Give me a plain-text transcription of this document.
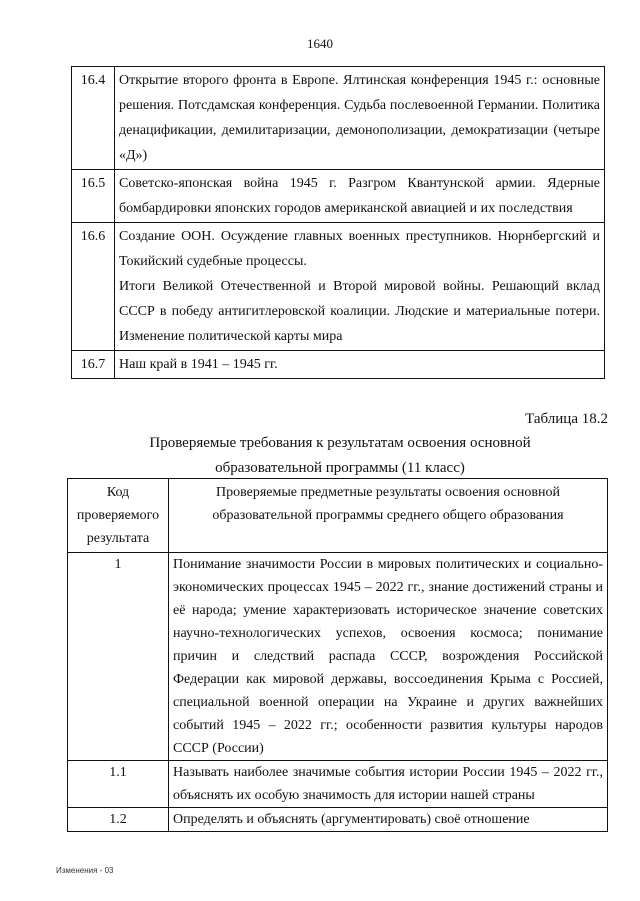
1640
16.4	Открытие второго фронта в Европе. Ялтинская конференция 1945 г.: основные решения. Потсдамская конференция. Судьба послевоенной Германии. Политика денацификации, демилитаризации, демонополизации, демократизации (четыре «Д»)

16.5	Советско-японская война 1945 г. Разгром Квантунской армии. Ядерные бомбардировки японских городов американской авиацией и их последствия

16.6	Создание ООН. Осуждение главных военных преступников. Нюрнбергский и Токийский судебные процессы.

Итоги Великой Отечественной и Второй мировой войны. Решающий вклад СССР в победу антигитлеровской коалиции. Людские и материальные потери. Изменение политической карты мира

16.7	Наш край в 1941 – 1945 гг.

Таблица 18.2
Проверяемые требования к результатам освоения основной
образовательной программы (11 класс)
Код проверяемого результата	Проверяемые предметные результаты освоения основной образовательной программы среднего общего образования
1	Понимание значимости России в мировых политических и социально-экономических процессах 1945 – 2022 гг., знание достижений страны и её народа; умение характеризовать историческое значение советских научно-технологических успехов, освоения космоса; понимание причин и следствий распада СССР, возрождения Российской Федерации как мировой державы, воссоединения Крыма с Россией, специальной военной операции на Украине и других важнейших событий 1945 – 2022 гг.; особенности развития культуры народов СССР (России)
1.1	Называть наиболее значимые события истории России 1945 – 2022 гг., объяснять их особую значимость для истории нашей страны
1.2	Определять и объяснять (аргументировать) своё отношение
Изменения - 03
